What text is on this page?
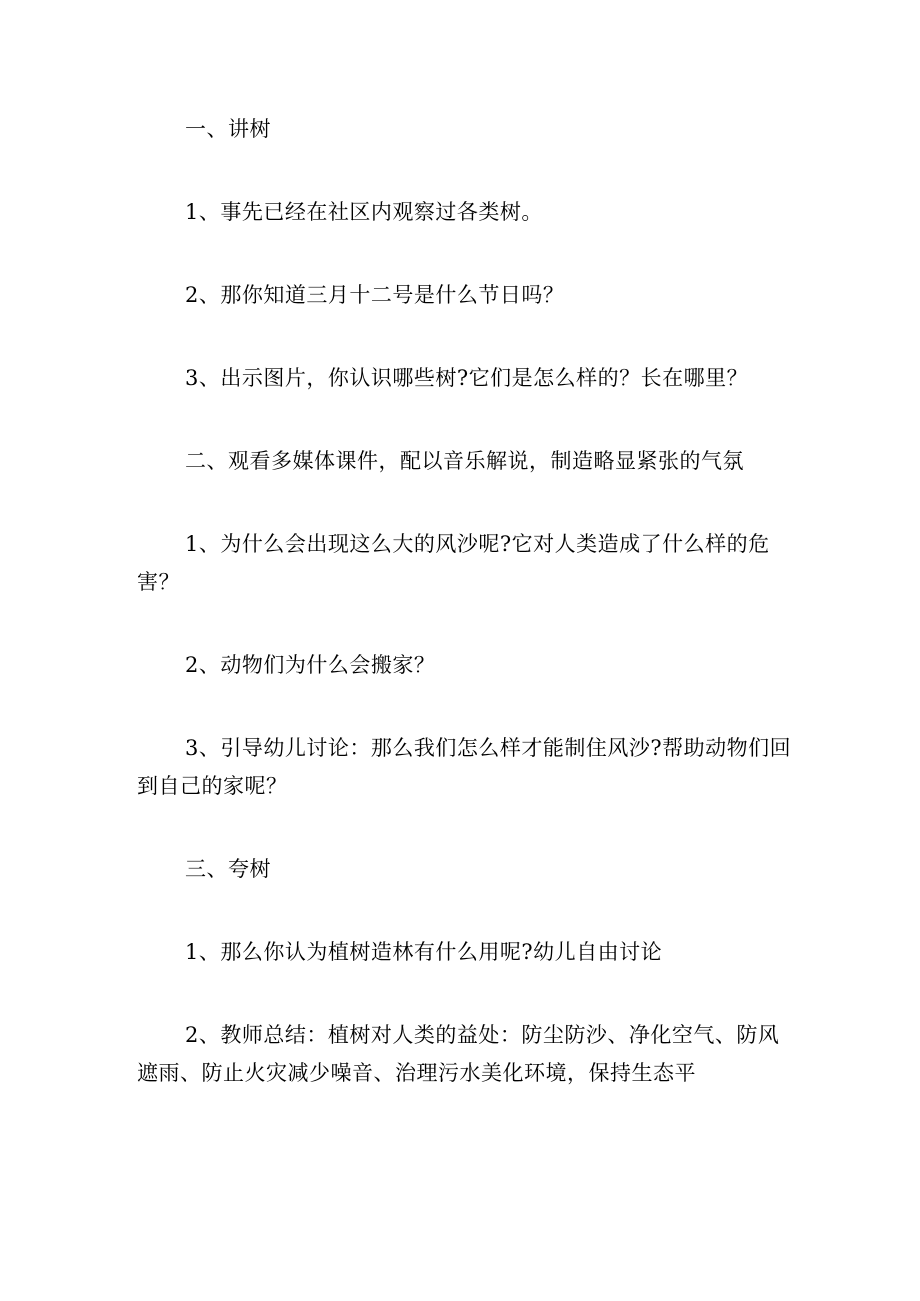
一、讲树

1、事先已经在社区内观察过各类树。

2、那你知道三月十二号是什么节日吗？

3、出示图片，你认识哪些树?它们是怎么样的？长在哪里？

二、观看多媒体课件，配以音乐解说，制造略显紧张的气氛

1、为什么会出现这么大的风沙呢?它对人类造成了什么样的危害？

2、动物们为什么会搬家？

3、引导幼儿讨论：那么我们怎么样才能制住风沙?帮助动物们回到自己的家呢？

三、夸树

1、那么你认为植树造林有什么用呢?幼儿自由讨论

2、教师总结：植树对人类的益处：防尘防沙、净化空气、防风遮雨、防止火灾减少噪音、治理污水美化环境，保持生态平
